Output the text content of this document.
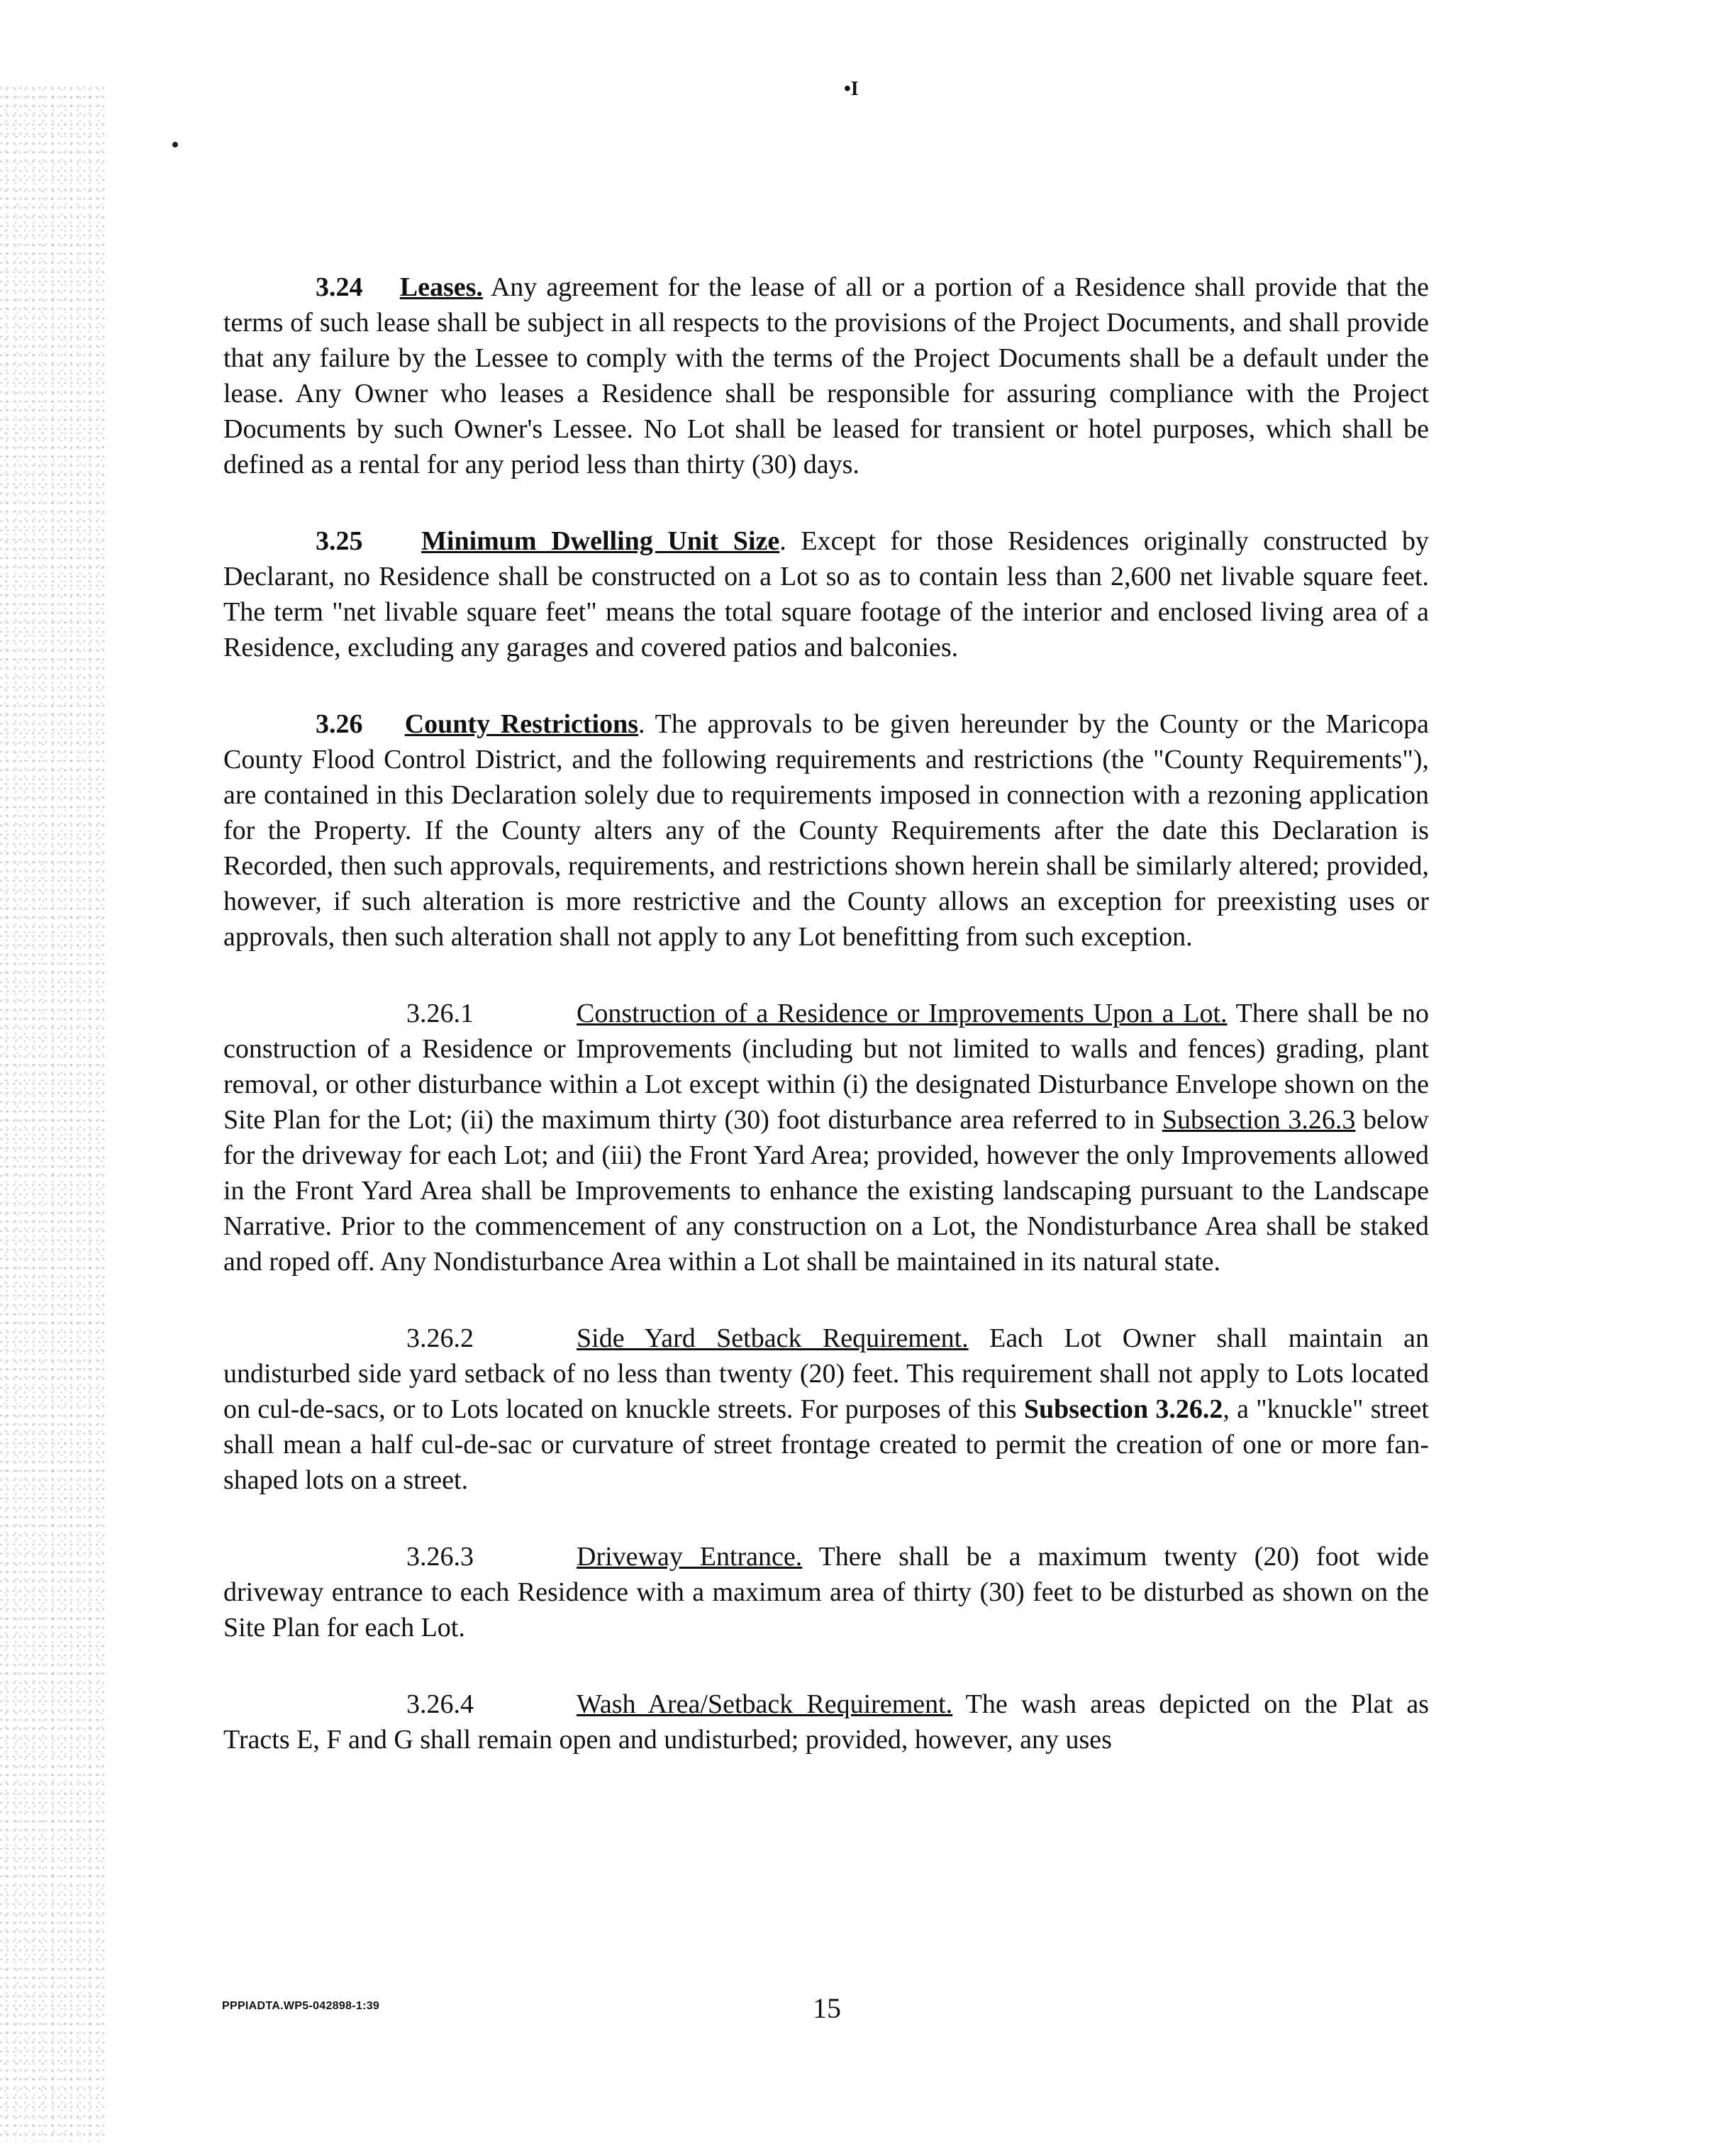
•I

3.24 Leases. Any agreement for the lease of all or a portion of a Residence shall provide that the terms of such lease shall be subject in all respects to the provisions of the Project Documents, and shall provide that any failure by the Lessee to comply with the terms of the Project Documents shall be a default under the lease. Any Owner who leases a Residence shall be responsible for assuring compliance with the Project Documents by such Owner's Lessee. No Lot shall be leased for transient or hotel purposes, which shall be defined as a rental for any period less than thirty (30) days.

3.25 Minimum Dwelling Unit Size. Except for those Residences originally constructed by Declarant, no Residence shall be constructed on a Lot so as to contain less than 2,600 net livable square feet. The term "net livable square feet" means the total square footage of the interior and enclosed living area of a Residence, excluding any garages and covered patios and balconies.

3.26 County Restrictions. The approvals to be given hereunder by the County or the Maricopa County Flood Control District, and the following requirements and restrictions (the "County Requirements"), are contained in this Declaration solely due to requirements imposed in connection with a rezoning application for the Property. If the County alters any of the County Requirements after the date this Declaration is Recorded, then such approvals, requirements, and restrictions shown herein shall be similarly altered; provided, however, if such alteration is more restrictive and the County allows an exception for preexisting uses or approvals, then such alteration shall not apply to any Lot benefitting from such exception.

3.26.1	Construction of a Residence or Improvements Upon a Lot. There shall be no construction of a Residence or Improvements (including but not limited to walls and fences) grading, plant removal, or other disturbance within a Lot except within (i) the designated Disturbance Envelope shown on the Site Plan for the Lot; (ii) the maximum thirty (30) foot disturbance area referred to in Subsection 3.26.3 below for the driveway for each Lot; and (iii) the Front Yard Area; provided, however the only Improvements allowed in the Front Yard Area shall be Improvements to enhance the existing landscaping pursuant to the Landscape Narrative. Prior to the commencement of any construction on a Lot, the Nondisturbance Area shall be staked and roped off. Any Nondisturbance Area within a Lot shall be maintained in its natural state.

3.26.2	Side Yard Setback Requirement. Each Lot Owner shall maintain an undisturbed side yard setback of no less than twenty (20) feet. This requirement shall not apply to Lots located on cul-de-sacs, or to Lots located on knuckle streets. For purposes of this Subsection 3.26.2, a "knuckle" street shall mean a half cul-de-sac or curvature of street frontage created to permit the creation of one or more fan-shaped lots on a street.

3.26.3	Driveway Entrance. There shall be a maximum twenty (20) foot wide driveway entrance to each Residence with a maximum area of thirty (30) feet to be disturbed as shown on the Site Plan for each Lot.

3.26.4	Wash Area/Setback Requirement. The wash areas depicted on the Plat as Tracts E, F and G shall remain open and undisturbed; provided, however, any uses

PPPIADTA.WP5-042898-1:39	15
